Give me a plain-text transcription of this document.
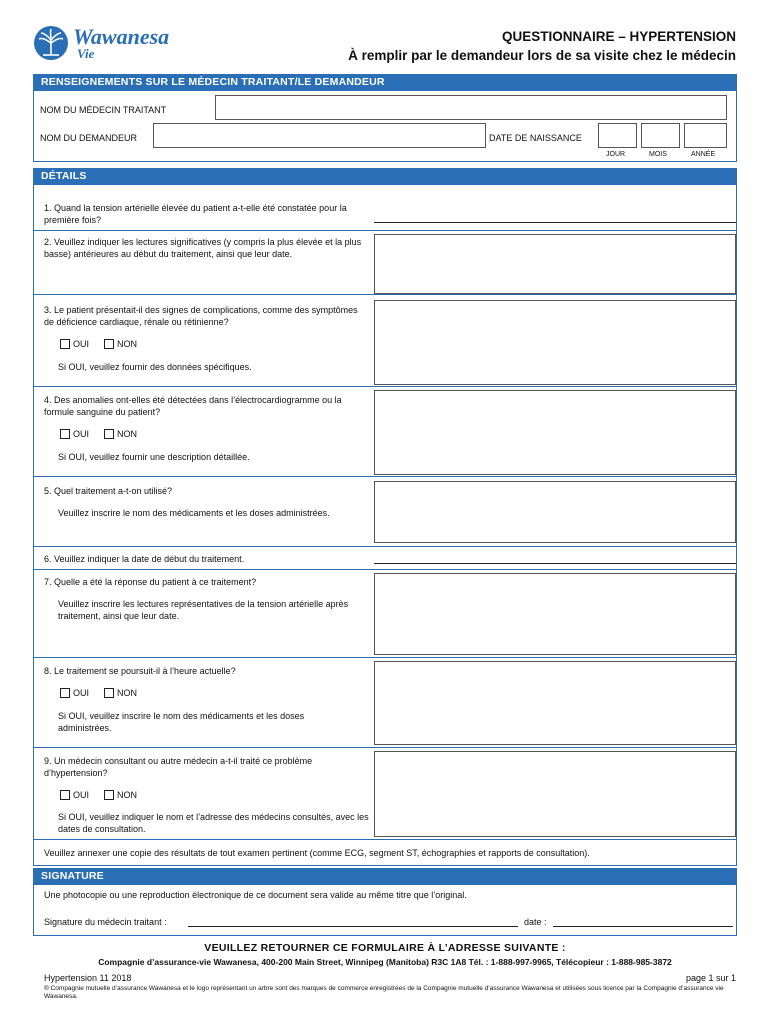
Wawanesa
Vie
QUESTIONNAIRE – HYPERTENSION
À remplir par le demandeur lors de sa visite chez le médecin
RENSEIGNEMENTS SUR LE MÉDECIN TRAITANT/LE DEMANDEUR
NOM DU MÉDECIN TRAITANT
NOM DU DEMANDEUR	DATE DE NAISSANCE
JOUR	MOIS	ANNÉE
DÉTAILS
1. Quand la tension artérielle élevée du patient a-t-elle été constatée pour la première fois?
2. Veuillez indiquer les lectures significatives (y compris la plus élevée et la plus basse) antérieures au début du traitement, ainsi que leur date.
3. Le patient présentait-il des signes de complications, comme des symptômes de déficience cardiaque, rénale ou rétinienne?
OUI	NON
Si OUI, veuillez fournir des données spécifiques.
4. Des anomalies ont-elles été détectées dans l’électrocardiogramme ou la formule sanguine du patient?
OUI	NON
Si OUI, veuillez fournir une description détaillée.
5. Quel traitement a-t-on utilisé?
Veuillez inscrire le nom des médicaments et les doses administrées.
6. Veuillez indiquer la date de début du traitement.
7. Quelle a été la réponse du patient à ce traitement?
Veuillez inscrire les lectures représentatives de la tension artérielle après traitement, ainsi que leur date.
8. Le traitement se poursuit-il à l’heure actuelle?
OUI	NON
Si OUI, veuillez inscrire le nom des médicaments et les doses administrées.
9. Un médecin consultant ou autre médecin a-t-il traité ce problème d’hypertension?
OUI	NON
Si OUI, veuillez indiquer le nom et l’adresse des médecins consultés, avec les dates de consultation.
Veuillez annexer une copie des résultats de tout examen pertinent (comme ECG, segment ST, échographies et rapports de consultation).
SIGNATURE
Une photocopie ou une reproduction électronique de ce document sera valide au même titre que l’original.
Signature du médecin traitant :	date :
VEUILLEZ RETOURNER CE FORMULAIRE À L’ADRESSE SUIVANTE :
Compagnie d’assurance-vie Wawanesa, 400-200 Main Street, Winnipeg (Manitoba) R3C 1A8 Tél. : 1-888-997-9965, Télécopieur : 1-888-985-3872
Hypertension 11 2018	page 1 sur 1
® Compagnie mutuelle d’assurance Wawanesa et le logo représentant un arbre sont des marques de commerce enregistrées de la Compagnie mutuelle d’assurance Wawanesa et utilisées sous licence par la Compagnie d’assurance vie Wawanesa.
